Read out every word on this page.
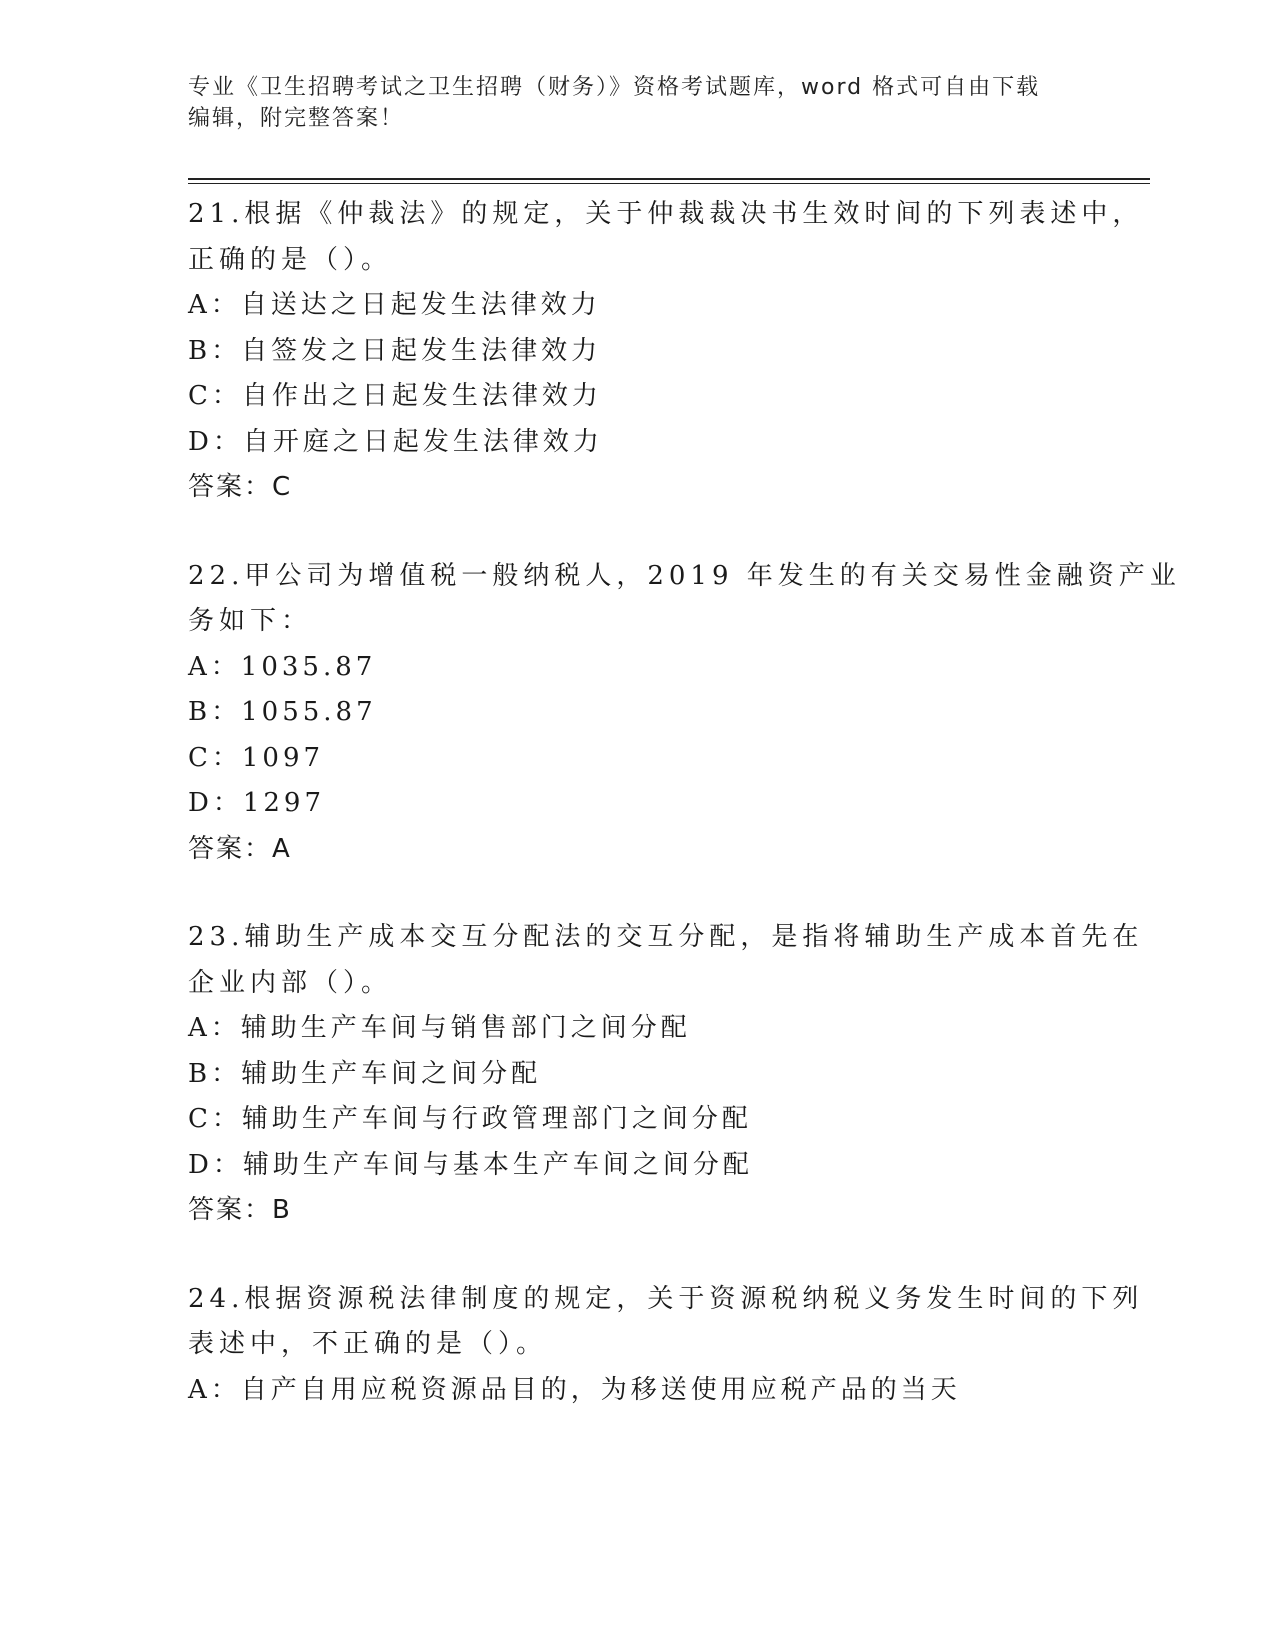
专业《卫生招聘考试之卫生招聘（财务）》资格考试题库，word 格式可自由下载
编辑，附完整答案！
21.根据《仲裁法》的规定，关于仲裁裁决书生效时间的下列表述中，
正确的是（）。
A：自送达之日起发生法律效力
B：自签发之日起发生法律效力
C：自作出之日起发生法律效力
D：自开庭之日起发生法律效力
答案：C
22.甲公司为增值税一般纳税人，2019 年发生的有关交易性金融资产业
务如下：
A：1035.87
B：1055.87
C：1097
D：1297
答案：A
23.辅助生产成本交互分配法的交互分配，是指将辅助生产成本首先在
企业内部（）。
A：辅助生产车间与销售部门之间分配
B：辅助生产车间之间分配
C：辅助生产车间与行政管理部门之间分配
D：辅助生产车间与基本生产车间之间分配
答案：B
24.根据资源税法律制度的规定，关于资源税纳税义务发生时间的下列
表述中，不正确的是（）。
A：自产自用应税资源品目的，为移送使用应税产品的当天
